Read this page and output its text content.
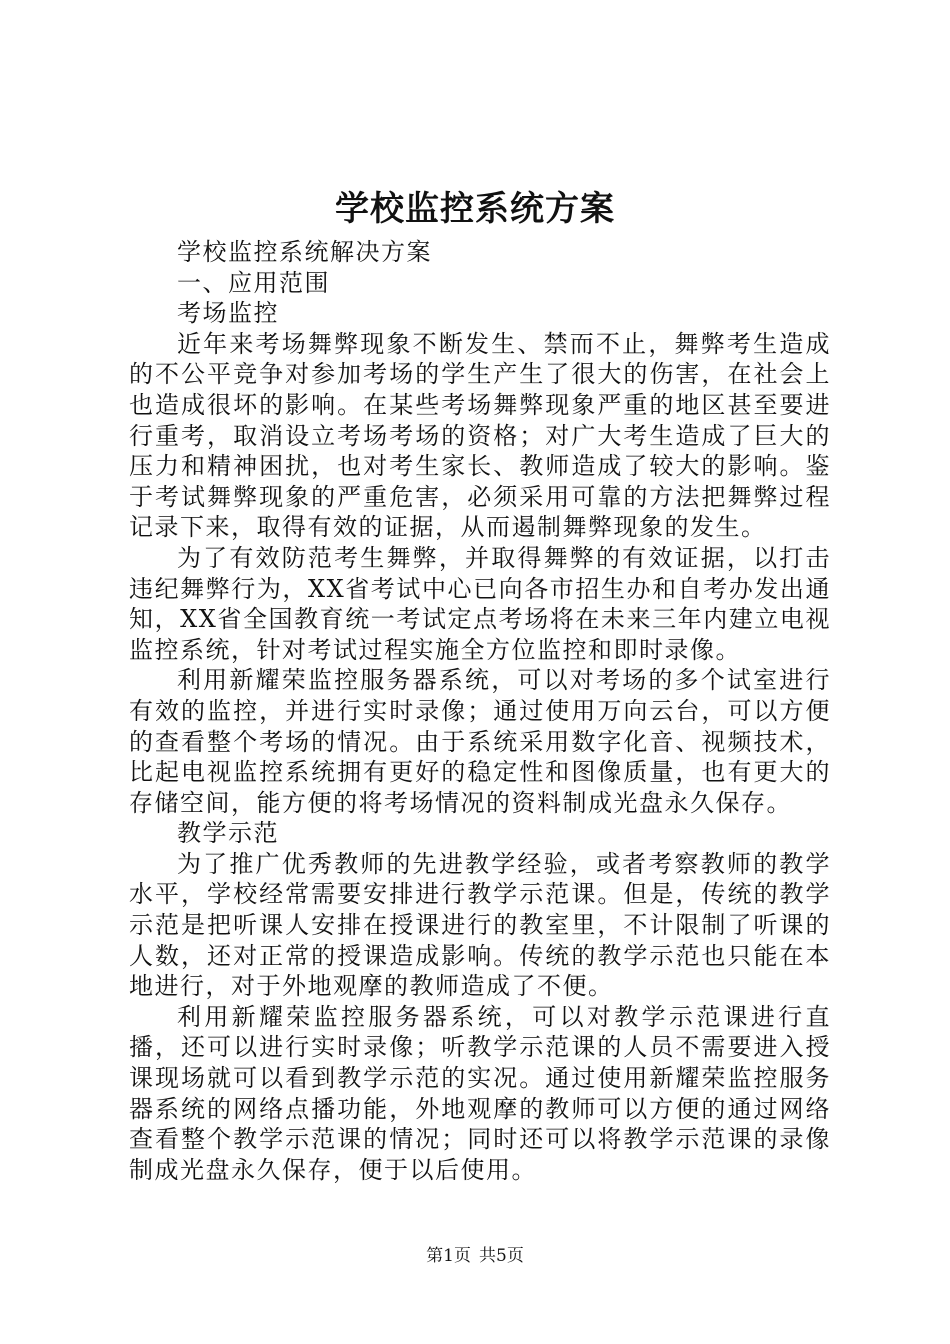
学校监控系统方案

学校监控系统解决方案

一、应用范围

考场监控

近年来考场舞弊现象不断发生、禁而不止，舞弊考生造成的不公平竞争对参加考场的学生产生了很大的伤害，在社会上也造成很坏的影响。在某些考场舞弊现象严重的地区甚至要进行重考，取消设立考场考场的资格；对广大考生造成了巨大的压力和精神困扰，也对考生家长、教师造成了较大的影响。鉴于考试舞弊现象的严重危害，必须采用可靠的方法把舞弊过程记录下来，取得有效的证据，从而遏制舞弊现象的发生。

为了有效防范考生舞弊，并取得舞弊的有效证据，以打击违纪舞弊行为，XX省考试中心已向各市招生办和自考办发出通知，XX省全国教育统一考试定点考场将在未来三年内建立电视监控系统，针对考试过程实施全方位监控和即时录像。

利用新耀荣监控服务器系统，可以对考场的多个试室进行有效的监控，并进行实时录像；通过使用万向云台，可以方便的查看整个考场的情况。由于系统采用数字化音、视频技术，比起电视监控系统拥有更好的稳定性和图像质量，也有更大的存储空间，能方便的将考场情况的资料制成光盘永久保存。

教学示范

为了推广优秀教师的先进教学经验，或者考察教师的教学水平，学校经常需要安排进行教学示范课。但是，传统的教学示范是把听课人安排在授课进行的教室里，不计限制了听课的人数，还对正常的授课造成影响。传统的教学示范也只能在本地进行，对于外地观摩的教师造成了不便。

利用新耀荣监控服务器系统，可以对教学示范课进行直播，还可以进行实时录像；听教学示范课的人员不需要进入授课现场就可以看到教学示范的实况。通过使用新耀荣监控服务器系统的网络点播功能，外地观摩的教师可以方便的通过网络查看整个教学示范课的情况；同时还可以将教学示范课的录像制成光盘永久保存，便于以后使用。

第1页 共5页
